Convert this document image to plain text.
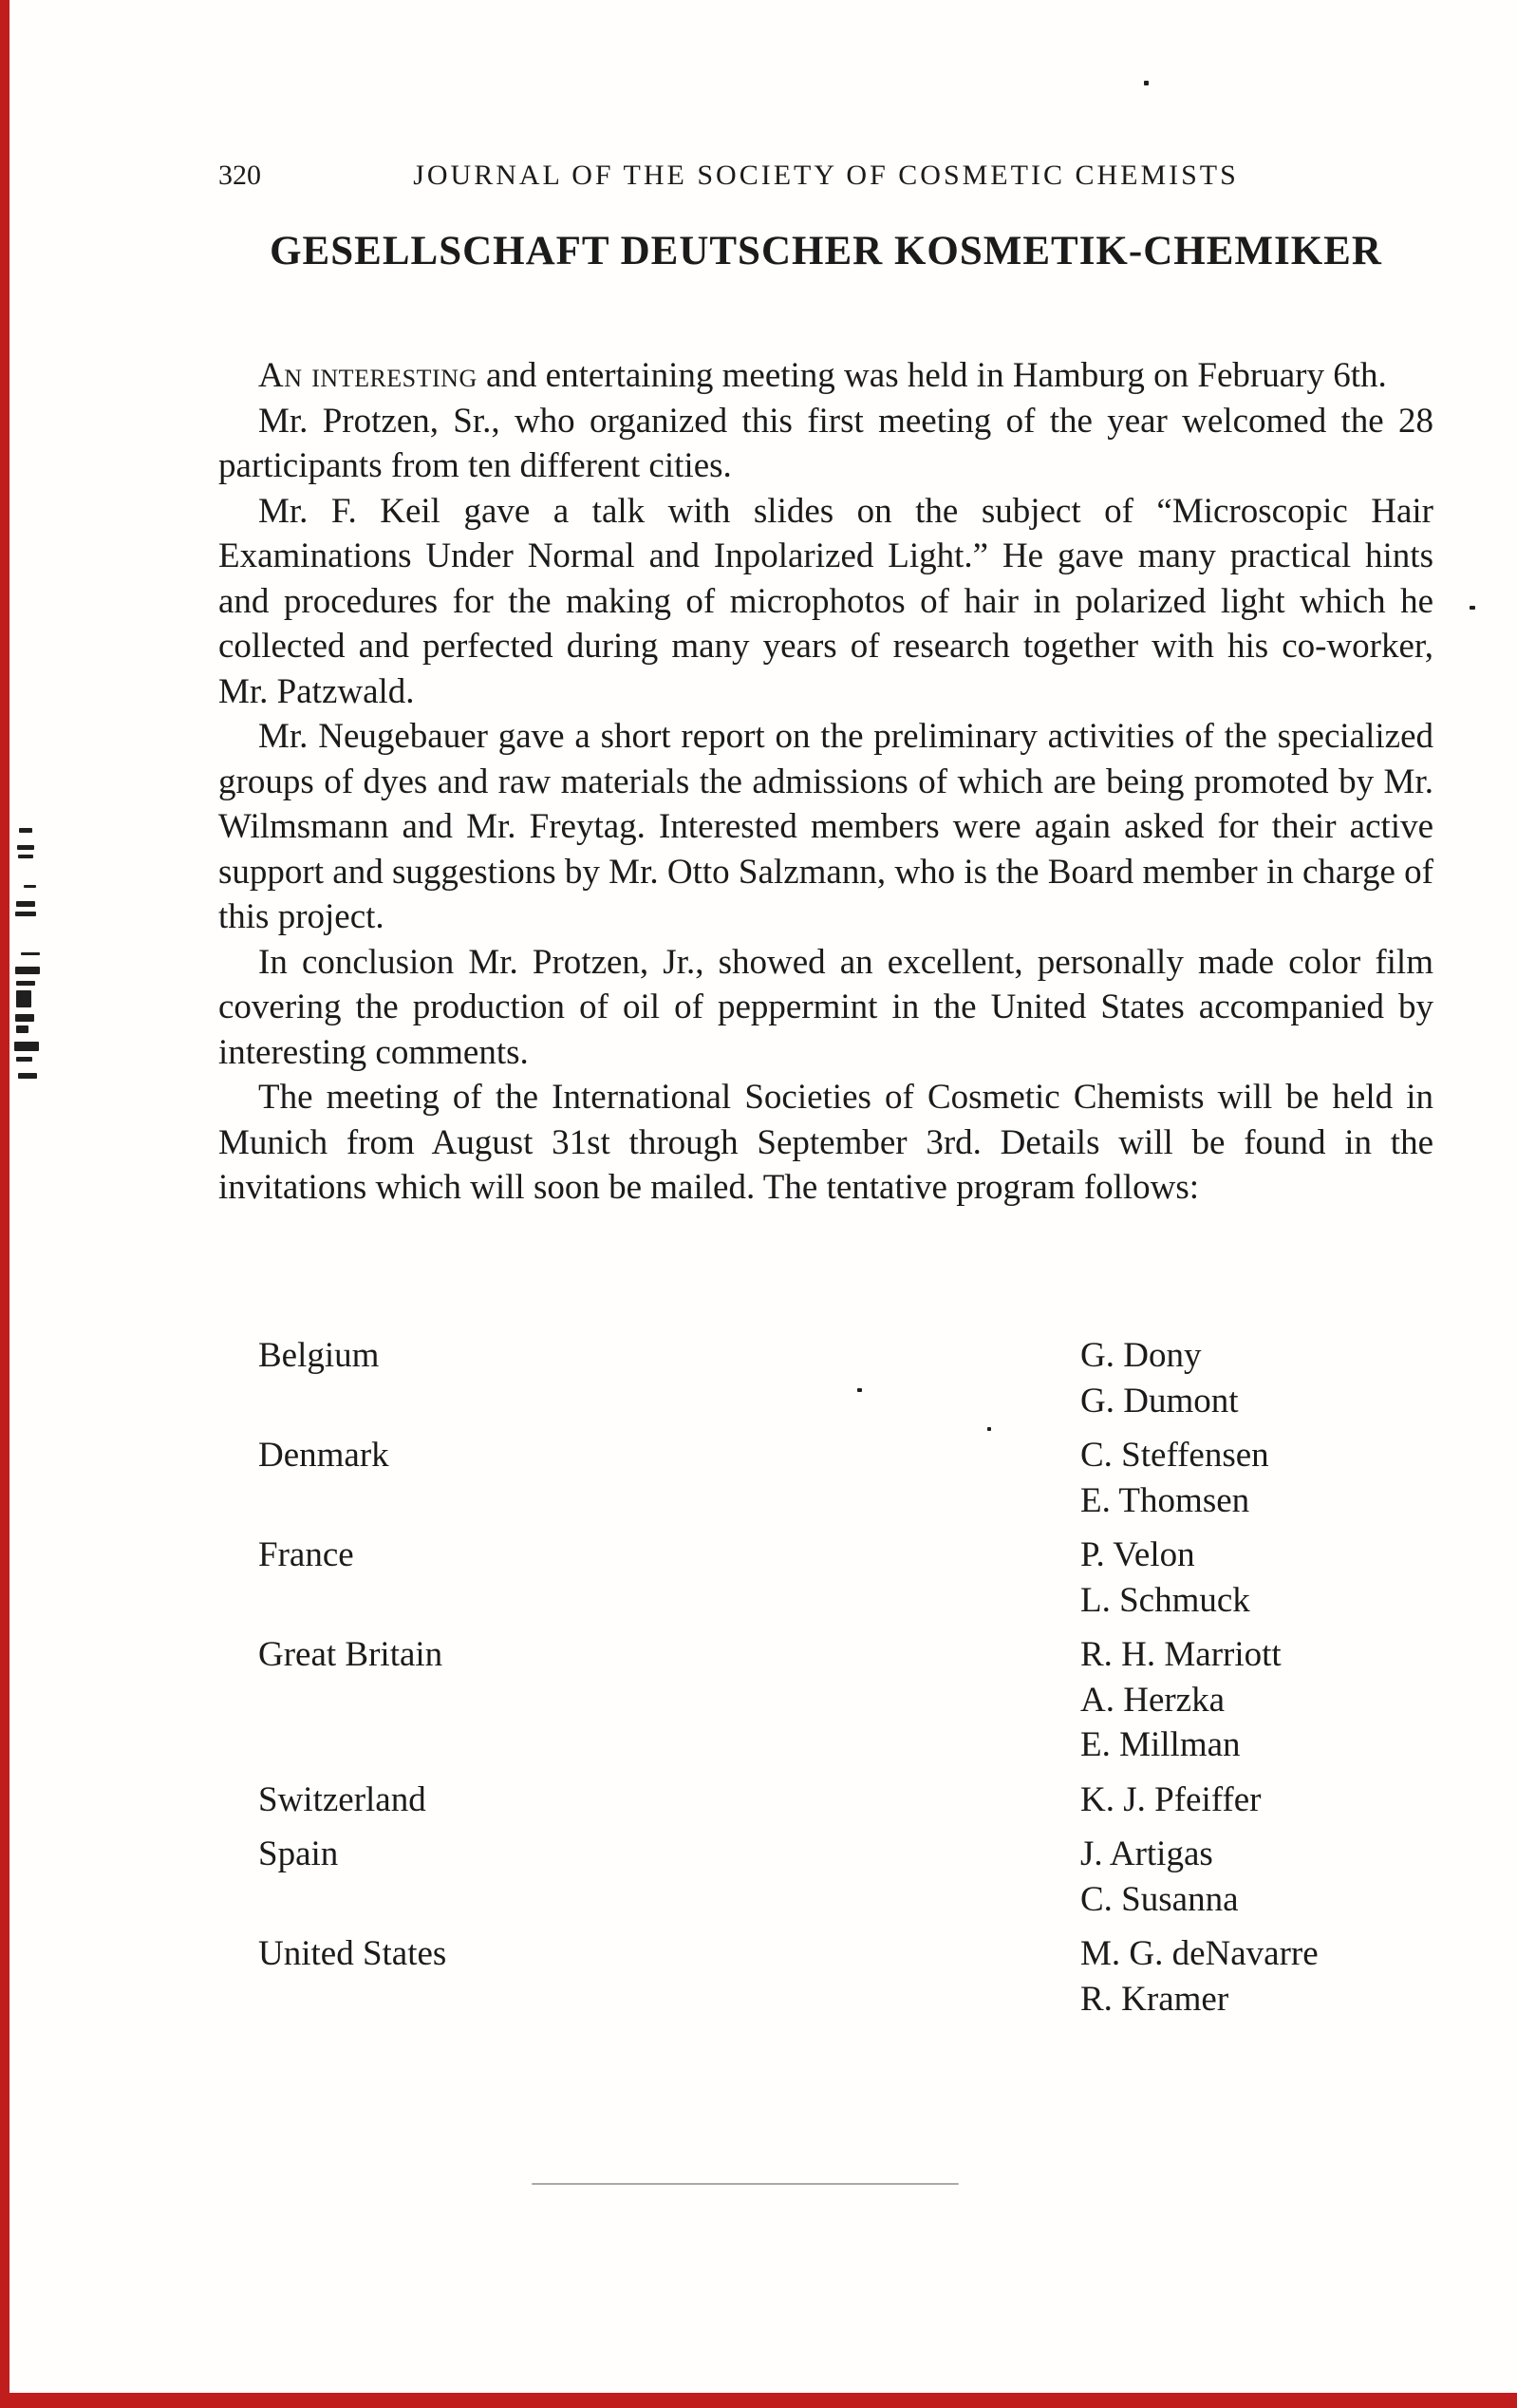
320	JOURNAL OF THE SOCIETY OF COSMETIC CHEMISTS
GESELLSCHAFT DEUTSCHER KOSMETIK-CHEMIKER

An interesting and entertaining meeting was held in Hamburg on February 6th.

Mr. Protzen, Sr., who organized this first meeting of the year welcomed the 28 participants from ten different cities.

Mr. F. Keil gave a talk with slides on the subject of “Microscopic Hair Examinations Under Normal and Inpolarized Light.” He gave many practical hints and procedures for the making of microphotos of hair in polarized light which he collected and perfected during many years of research together with his co-worker, Mr. Patzwald.

Mr. Neugebauer gave a short report on the preliminary activities of the specialized groups of dyes and raw materials the admissions of which are being promoted by Mr. Wilmsmann and Mr. Freytag. Interested members were again asked for their active support and suggestions by Mr. Otto Salzmann, who is the Board member in charge of this project.

In conclusion Mr. Protzen, Jr., showed an excellent, personally made color film covering the production of oil of peppermint in the United States accompanied by interesting comments.

The meeting of the International Societies of Cosmetic Chemists will be held in Munich from August 31st through September 3rd. Details will be found in the invitations which will soon be mailed. The tentative program follows:

Belgium	G. Dony
G. Dumont
Denmark	C. Steffensen
E. Thomsen
France	P. Velon
L. Schmuck
Great Britain	R. H. Marriott
A. Herzka
E. Millman
Switzerland	K. J. Pfeiffer
Spain	J. Artigas
C. Susanna
United States	M. G. deNavarre
R. Kramer
